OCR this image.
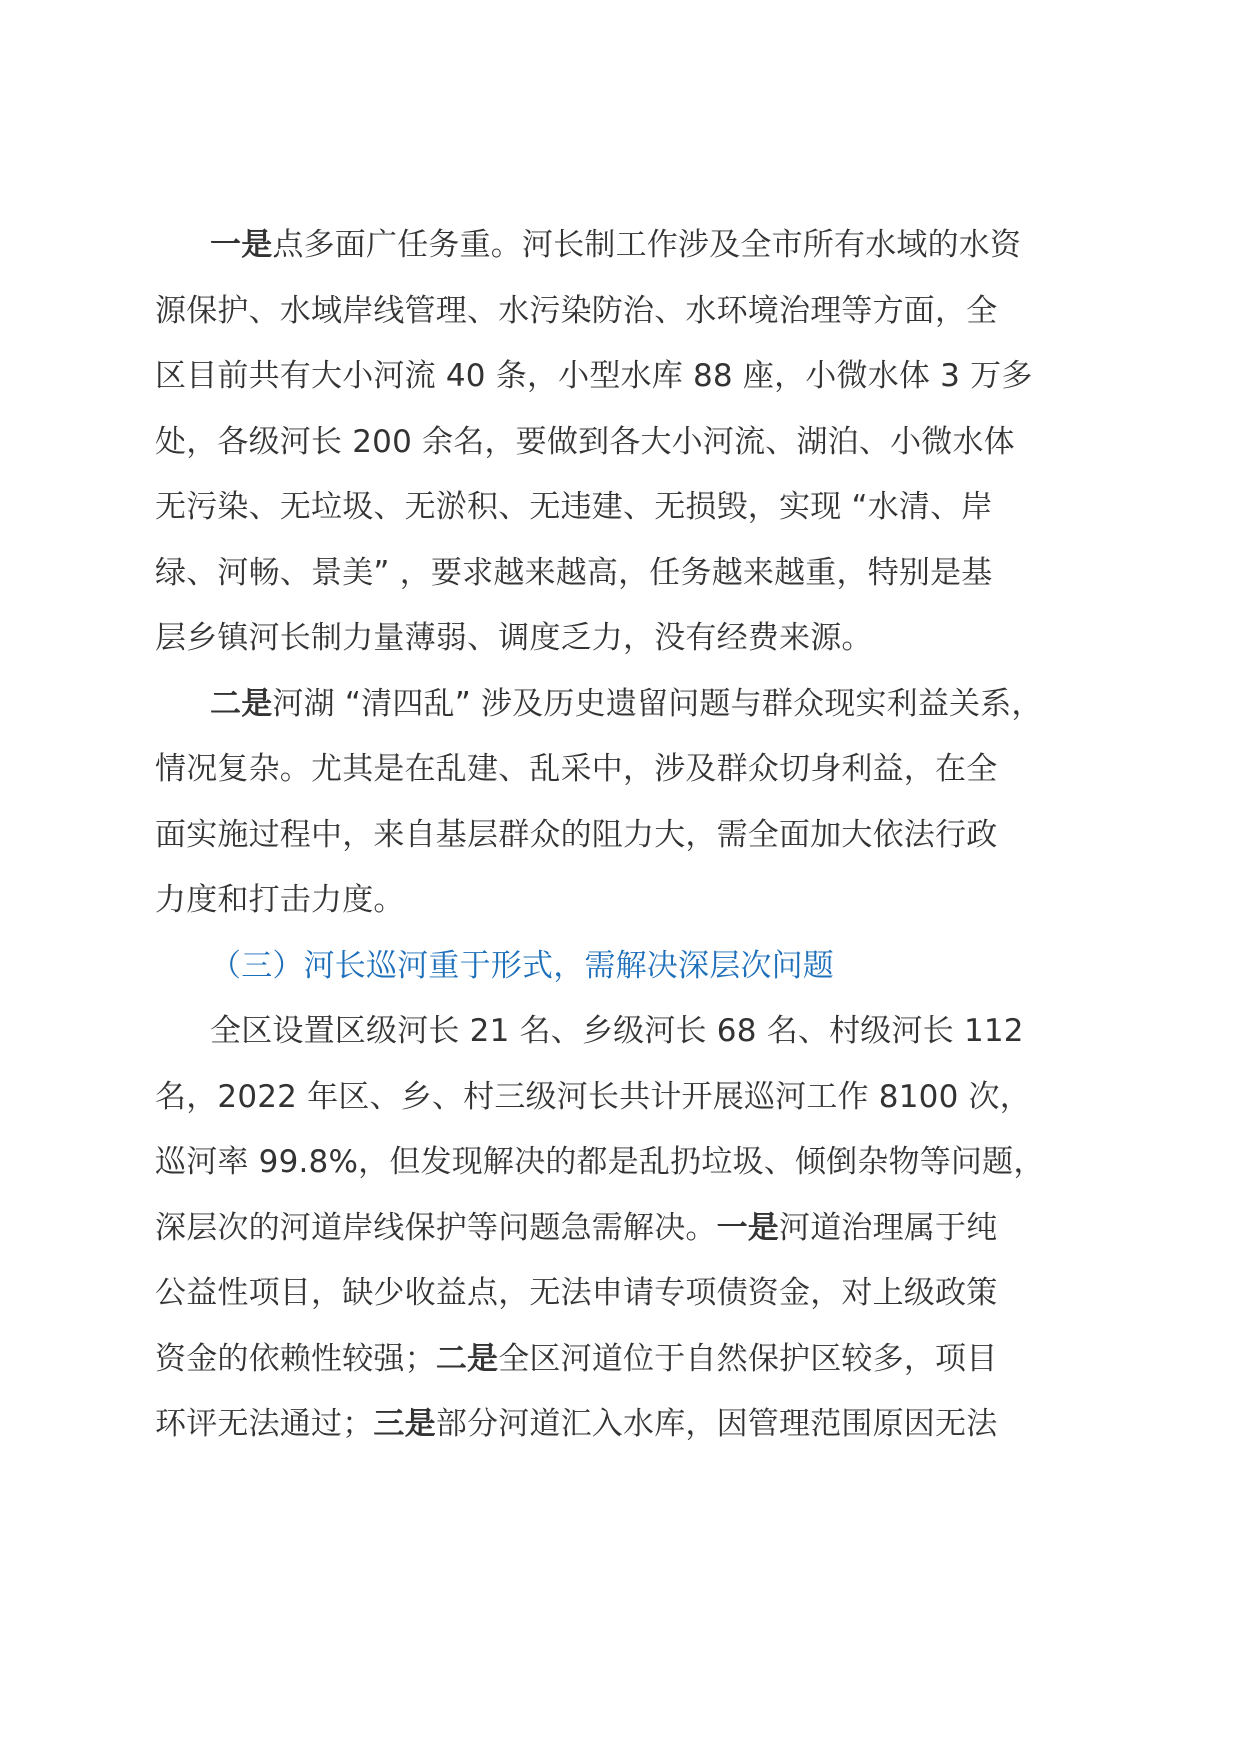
一是点多面广任务重。河长制工作涉及全市所有水域的水资
源保护、水域岸线管理、水污染防治、水环境治理等方面，全
区目前共有大小河流 40 条，小型水库 88 座，小微水体 3 万多
处，各级河长 200 余名，要做到各大小河流、湖泊、小微水体
无污染、无垃圾、无淤积、无违建、无损毁，实现 “水清、岸
绿、河畅、景美” ，要求越来越高，任务越来越重，特别是基
层乡镇河长制力量薄弱、调度乏力，没有经费来源。
二是河湖 “清四乱” 涉及历史遗留问题与群众现实利益关系，
情况复杂。尤其是在乱建、乱采中，涉及群众切身利益，在全
面实施过程中，来自基层群众的阻力大，需全面加大依法行政
力度和打击力度。
（三）河长巡河重于形式，需解决深层次问题
全区设置区级河长 21 名、乡级河长 68 名、村级河长 112
名，2022 年区、乡、村三级河长共计开展巡河工作 8100 次，
巡河率 99.8%，但发现解决的都是乱扔垃圾、倾倒杂物等问题，
深层次的河道岸线保护等问题急需解决。一是河道治理属于纯
公益性项目，缺少收益点，无法申请专项债资金，对上级政策
资金的依赖性较强；二是全区河道位于自然保护区较多，项目
环评无法通过；三是部分河道汇入水库，因管理范围原因无法
